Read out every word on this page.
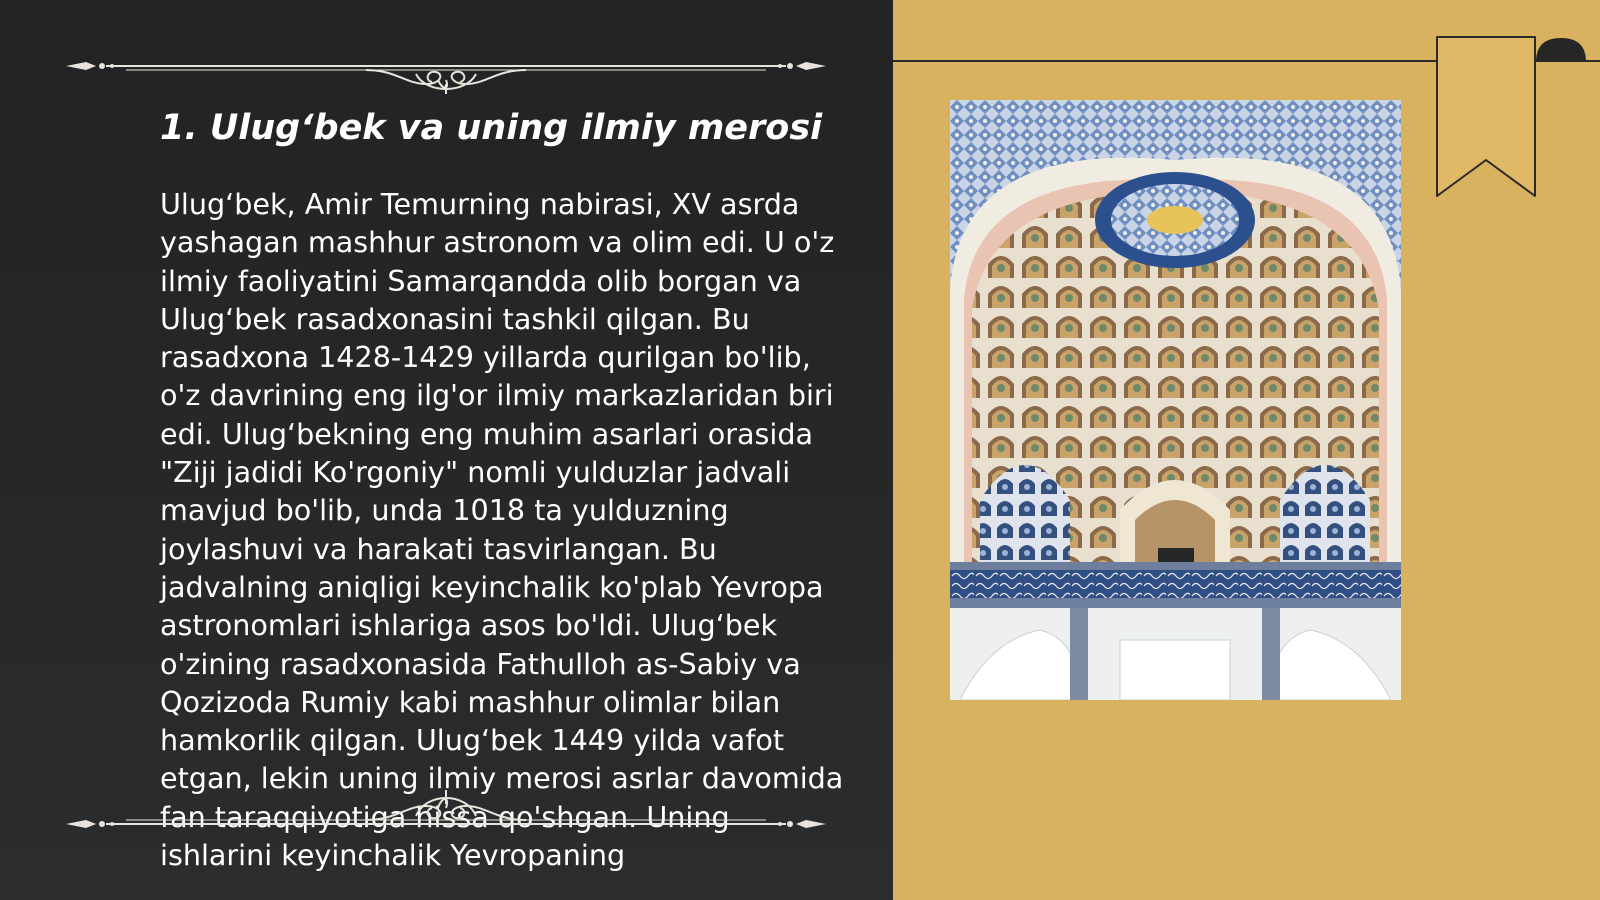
1. Ulug‘bek va uning ilmiy merosi

Ulug‘bek, Amir Temurning nabirasi, XV asrda yashagan mashhur astronom va olim edi. U o'z ilmiy faoliyatini Samarqandda olib borgan va Ulug‘bek rasadxonasini tashkil qilgan. Bu rasadxona 1428-1429 yillarda qurilgan bo'lib, o'z davrining eng ilg'or ilmiy markazlaridan biri edi. Ulug‘bekning eng muhim asarlari orasida "Ziji jadidi Ko'rgoniy" nomli yulduzlar jadvali mavjud bo'lib, unda 1018 ta yulduzning joylashuvi va harakati tasvirlangan. Bu jadvalning aniqligi keyinchalik ko'plab Yevropa astronomlari ishlariga asos bo'ldi. Ulug‘bek o'zining rasadxonasida Fathulloh as-Sabiy va Qozizoda Rumiy kabi mashhur olimlar bilan hamkorlik qilgan. Ulug‘bek 1449 yilda vafot etgan, lekin uning ilmiy merosi asrlar davomida fan taraqqiyotiga hissa qo'shgan. Uning ishlarini keyinchalik Yevropaning
